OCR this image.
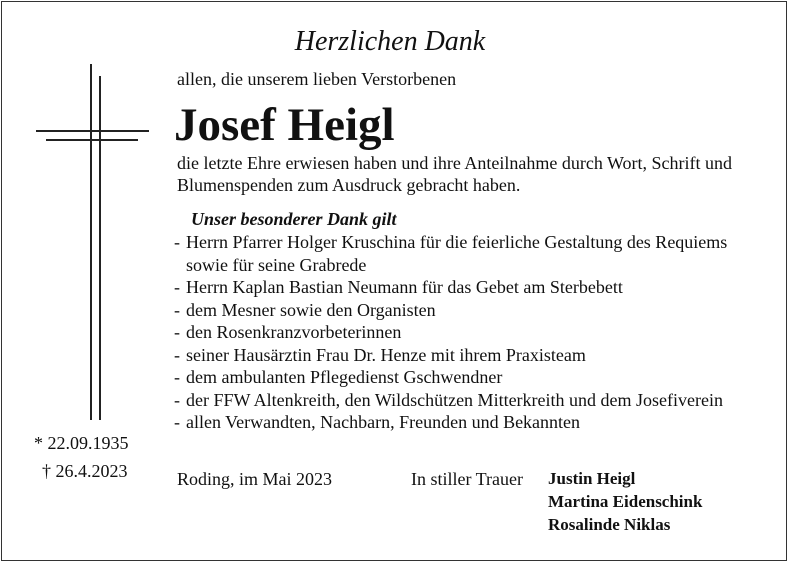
Herzlichen Dank
allen, die unserem lieben Verstorbenen
Josef Heigl
die letzte Ehre erwiesen haben und ihre Anteilnahme durch Wort, Schrift und Blumenspenden zum Ausdruck gebracht haben.
Unser besonderer Dank gilt
- Herrn Pfarrer Holger Kruschina für die feierliche Gestaltung des Requiems sowie für seine Grabrede
- Herrn Kaplan Bastian Neumann für das Gebet am Sterbebett
- dem Mesner sowie den Organisten
- den Rosenkranzvorbeterinnen
- seiner Hausärztin Frau Dr. Henze mit ihrem Praxisteam
- dem ambulanten Pflegedienst Gschwendner
- der FFW Altenkreith, den Wildschützen Mitterkreith und dem Josefiverein
- allen Verwandten, Nachbarn, Freunden und Bekannten
* 22.09.1935
† 26.4.2023	Roding, im Mai 2023	In stiller Trauer Justin Heigl
Martina Eidenschink
Rosalinde Niklas
